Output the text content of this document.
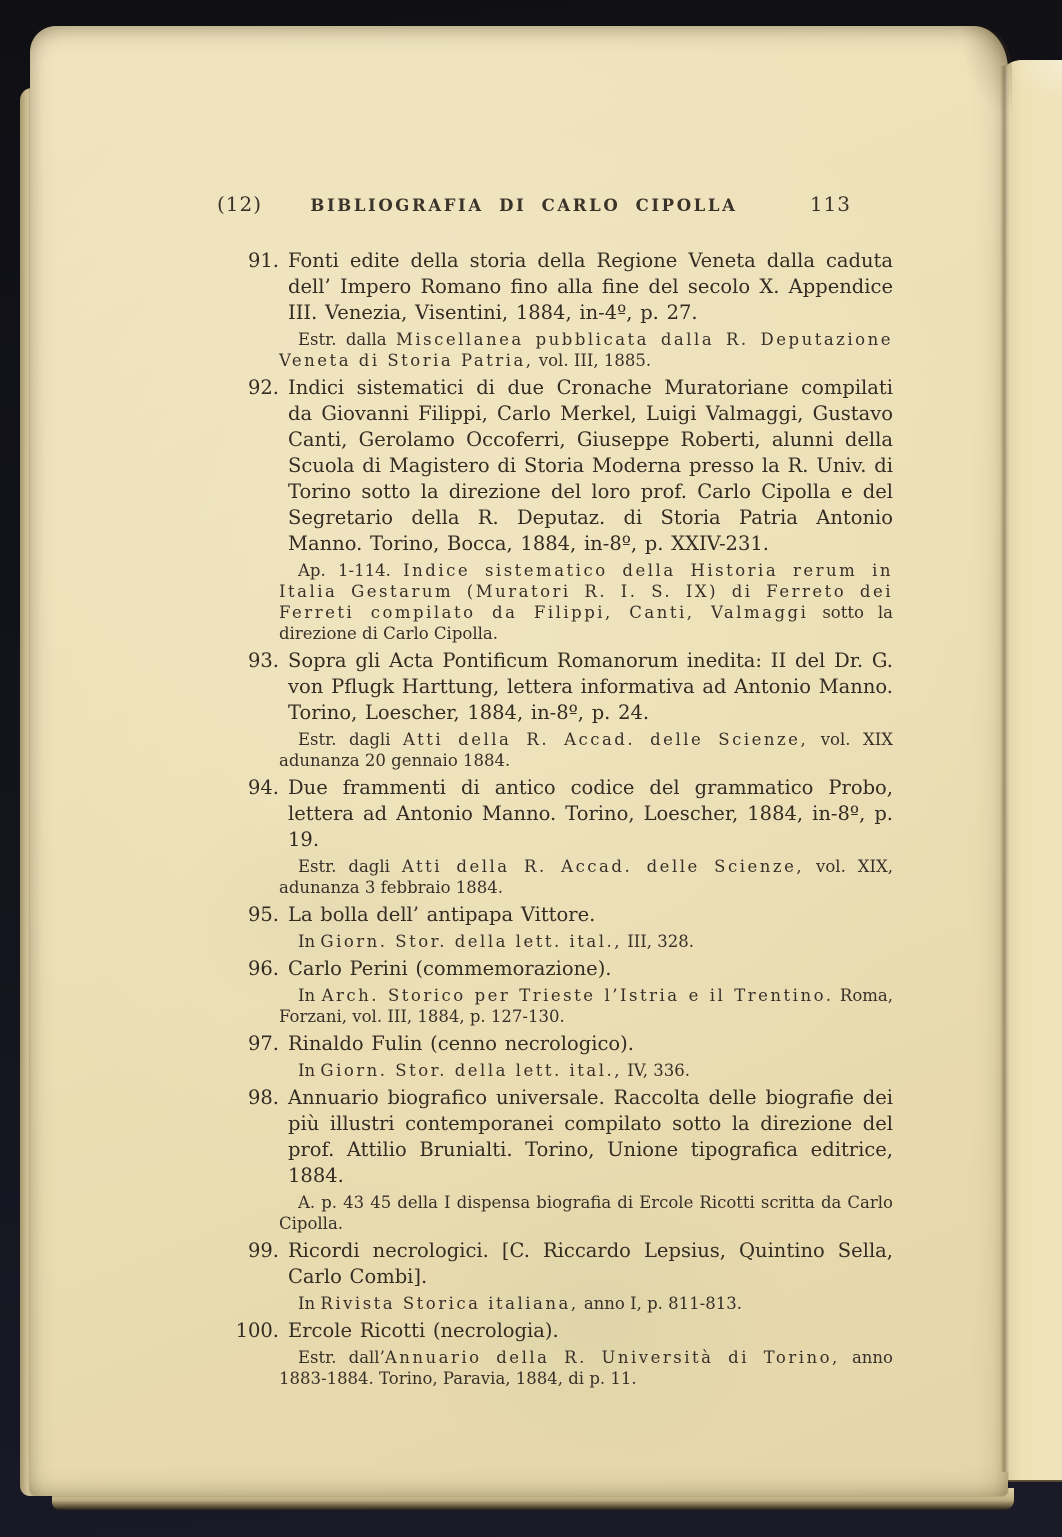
(12)	BIBLIOGRAFIA DI CARLO CIPOLLA	113
91. Fonti edite della storia della Regione Veneta dalla caduta dell’ Impero Romano fino alla fine del secolo X. Appendice III. Venezia, Visentini, 1884, in-4º, p. 27.
Estr. dalla Miscellanea pubblicata dalla R. Deputazione Veneta di Storia Patria, vol. III, 1885.
92. Indici sistematici di due Cronache Muratoriane compilati da Giovanni Filippi, Carlo Merkel, Luigi Valmaggi, Gustavo Canti, Gerolamo Occoferri, Giuseppe Roberti, alunni della Scuola di Magistero di Storia Moderna presso la R. Univ. di Torino sotto la direzione del loro prof. Carlo Cipolla e del Segretario della R. Deputaz. di Storia Patria Antonio Manno. Torino, Bocca, 1884, in-8º, p. XXIV-231.
Ap. 1-114. Indice sistematico della Historia rerum in Italia Gestarum (Muratori R. I. S. IX) di Ferreto dei Ferreti compilato da Filippi, Canti, Valmaggi sotto la direzione di Carlo Cipolla.
93. Sopra gli Acta Pontificum Romanorum inedita: II del Dr. G. von Pflugk Harttung, lettera informativa ad Antonio Manno. Torino, Loescher, 1884, in-8º, p. 24.
Estr. dagli Atti della R. Accad. delle Scienze, vol. XIX adunanza 20 gennaio 1884.
94. Due frammenti di antico codice del grammatico Probo, lettera ad Antonio Manno. Torino, Loescher, 1884, in-8º, p. 19.
Estr. dagli Atti della R. Accad. delle Scienze, vol. XIX, adunanza 3 febbraio 1884.
95. La bolla dell’ antipapa Vittore.
In Giorn. Stor. della lett. ital., III, 328.
96. Carlo Perini (commemorazione).
In Arch. Storico per Trieste l’Istria e il Trentino. Roma, Forzani, vol. III, 1884, p. 127-130.
97. Rinaldo Fulin (cenno necrologico).
In Giorn. Stor. della lett. ital., IV, 336.
98. Annuario biografico universale. Raccolta delle biografie dei più illustri contemporanei compilato sotto la direzione del prof. Attilio Brunialti. Torino, Unione tipografica editrice, 1884.
A. p. 43 45 della I dispensa biografia di Ercole Ricotti scritta da Carlo Cipolla.
99. Ricordi necrologici. [C. Riccardo Lepsius, Quintino Sella, Carlo Combi].
In Rivista Storica italiana, anno I, p. 811-813.
100. Ercole Ricotti (necrologia).
Estr. dall’Annuario della R. Università di Torino, anno 1883-1884. Torino, Paravia, 1884, di p. 11.
